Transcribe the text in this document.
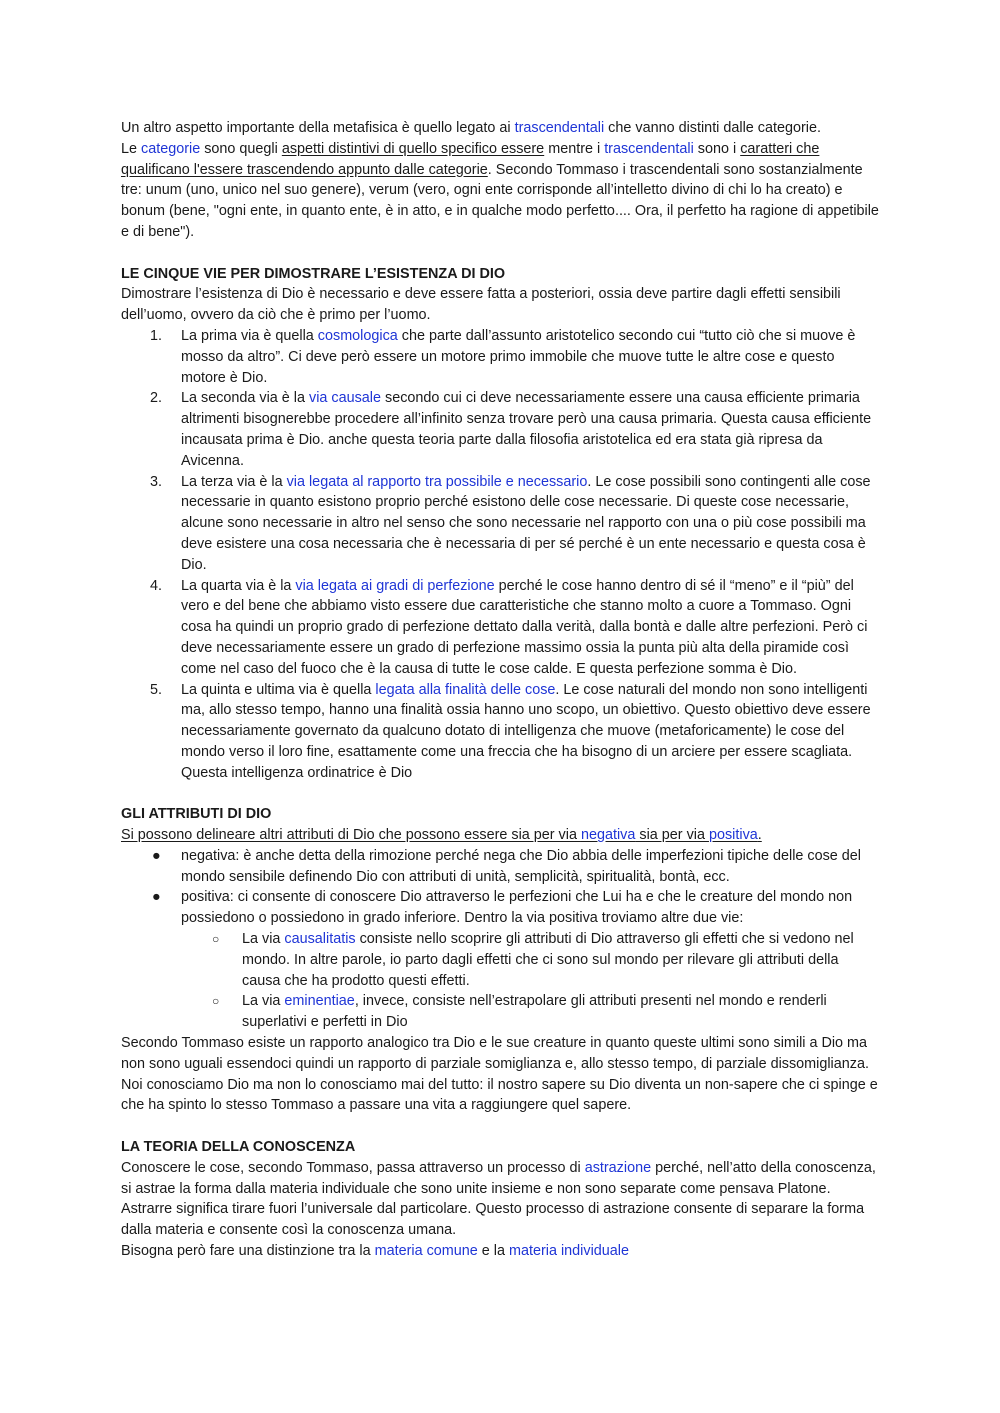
Un altro aspetto importante della metafisica è quello legato ai trascendentali che vanno distinti dalle categorie.
Le categorie sono quegli aspetti distintivi di quello specifico essere mentre i trascendentali sono i caratteri che qualificano l'essere trascendendo appunto dalle categorie. Secondo Tommaso i trascendentali sono sostanzialmente tre: unum (uno, unico nel suo genere), verum (vero, ogni ente corrisponde all’intelletto divino di chi lo ha creato) e bonum (bene, "ogni ente, in quanto ente, è in atto, e in qualche modo perfetto.... Ora, il perfetto ha ragione di appetibile e di bene").

LE CINQUE VIE PER DIMOSTRARE L’ESISTENZA DI DIO

Dimostrare l’esistenza di Dio è necessario e deve essere fatta a posteriori, ossia deve partire dagli effetti sensibili dell’uomo, ovvero da ciò che è primo per l’uomo.

1. La prima via è quella cosmologica che parte dall’assunto aristotelico secondo cui “tutto ciò che si muove è mosso da altro”. Ci deve però essere un motore primo immobile che muove tutte le altre cose e questo motore è Dio.
2. La seconda via è la via causale secondo cui ci deve necessariamente essere una causa efficiente primaria altrimenti bisognerebbe procedere all’infinito senza trovare però una causa primaria. Questa causa efficiente incausata prima è Dio. anche questa teoria parte dalla filosofia aristotelica ed era stata già ripresa da Avicenna.
3. La terza via è la via legata al rapporto tra possibile e necessario. Le cose possibili sono contingenti alle cose necessarie in quanto esistono proprio perché esistono delle cose necessarie. Di queste cose necessarie, alcune sono necessarie in altro nel senso che sono necessarie nel rapporto con una o più cose possibili ma deve esistere una cosa necessaria che è necessaria di per sé perché è un ente necessario e questa cosa è Dio.
4. La quarta via è la via legata ai gradi di perfezione perché le cose hanno dentro di sé il “meno” e il “più” del vero e del bene che abbiamo visto essere due caratteristiche che stanno molto a cuore a Tommaso. Ogni cosa ha quindi un proprio grado di perfezione dettato dalla verità, dalla bontà e dalle altre perfezioni. Però ci deve necessariamente essere un grado di perfezione massimo ossia la punta più alta della piramide così come nel caso del fuoco che è la causa di tutte le cose calde. E questa perfezione somma è Dio.
5. La quinta e ultima via è quella legata alla finalità delle cose. Le cose naturali del mondo non sono intelligenti ma, allo stesso tempo, hanno una finalità ossia hanno uno scopo, un obiettivo. Questo obiettivo deve essere necessariamente governato da qualcuno dotato di intelligenza che muove (metaforicamente) le cose del mondo verso il loro fine, esattamente come una freccia che ha bisogno di un arciere per essere scagliata. Questa intelligenza ordinatrice è Dio

GLI ATTRIBUTI DI DIO

Si possono delineare altri attributi di Dio che possono essere sia per via negativa sia per via positiva.

● negativa: è anche detta della rimozione perché nega che Dio abbia delle imperfezioni tipiche delle cose del mondo sensibile definendo Dio con attributi di unità, semplicità, spiritualità, bontà, ecc.
● positiva: ci consente di conoscere Dio attraverso le perfezioni che Lui ha e che le creature del mondo non possiedono o possiedono in grado inferiore. Dentro la via positiva troviamo altre due vie:
○ La via causalitatis consiste nello scoprire gli attributi di Dio attraverso gli effetti che si vedono nel mondo. In altre parole, io parto dagli effetti che ci sono sul mondo per rilevare gli attributi della causa che ha prodotto questi effetti.
○ La via eminentiae, invece, consiste nell’estrapolare gli attributi presenti nel mondo e renderli superlativi e perfetti in Dio

Secondo Tommaso esiste un rapporto analogico tra Dio e le sue creature in quanto queste ultimi sono simili a Dio ma non sono uguali essendoci quindi un rapporto di parziale somiglianza e, allo stesso tempo, di parziale dissomiglianza. Noi conosciamo Dio ma non lo conosciamo mai del tutto: il nostro sapere su Dio diventa un non-sapere che ci spinge e che ha spinto lo stesso Tommaso a passare una vita a raggiungere quel sapere.

LA TEORIA DELLA CONOSCENZA

Conoscere le cose, secondo Tommaso, passa attraverso un processo di astrazione perché, nell’atto della conoscenza, si astrae la forma dalla materia individuale che sono unite insieme e non sono separate come pensava Platone. Astrarre significa tirare fuori l’universale dal particolare. Questo processo di astrazione consente di separare la forma dalla materia e consente così la conoscenza umana.

Bisogna però fare una distinzione tra la materia comune e la materia individuale
